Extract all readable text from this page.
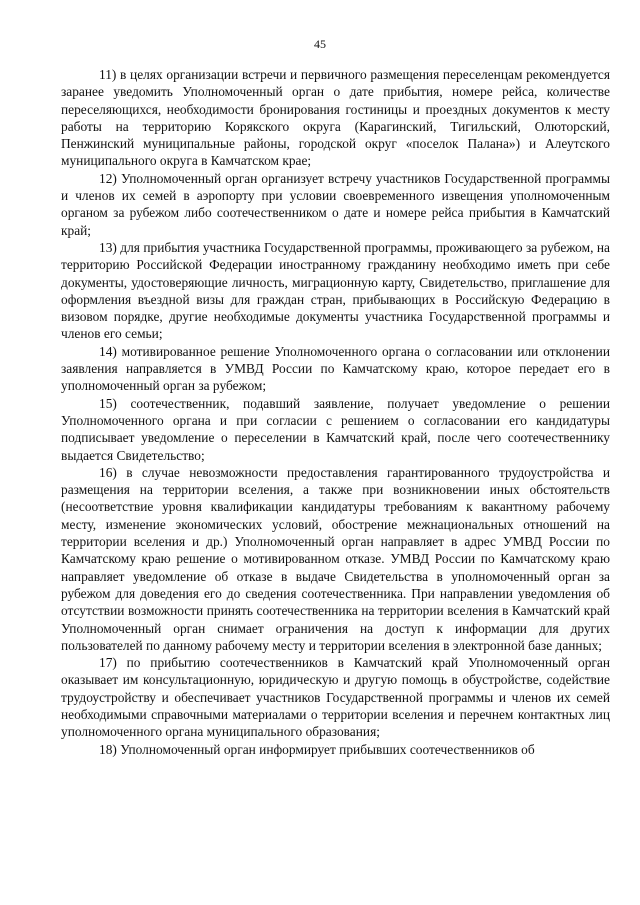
45

11) в целях организации встречи и первичного размещения переселенцам рекомендуется заранее уведомить Уполномоченный орган о дате прибытия, номере рейса, количестве переселяющихся, необходимости бронирования гостиницы и проездных документов к месту работы на территорию Корякского округа (Карагинский, Тигильский, Олюторский, Пенжинский муниципальные районы, городской округ «поселок Палана») и Алеутского муниципального округа в Камчатском крае;

12) Уполномоченный орган организует встречу участников Государственной программы и членов их семей в аэропорту при условии своевременного извещения уполномоченным органом за рубежом либо соотечественником о дате и номере рейса прибытия в Камчатский край;

13) для прибытия участника Государственной программы, проживающего за рубежом, на территорию Российской Федерации иностранному гражданину необходимо иметь при себе документы, удостоверяющие личность, миграционную карту, Свидетельство, приглашение для оформления въездной визы для граждан стран, прибывающих в Российскую Федерацию в визовом порядке, другие необходимые документы участника Государственной программы и членов его семьи;

14) мотивированное решение Уполномоченного органа о согласовании или отклонении заявления направляется в УМВД России по Камчатскому краю, которое передает его в уполномоченный орган за рубежом;

15) соотечественник, подавший заявление, получает уведомление о решении Уполномоченного органа и при согласии с решением о согласовании его кандидатуры подписывает уведомление о переселении в Камчатский край, после чего соотечественнику выдается Свидетельство;

16) в случае невозможности предоставления гарантированного трудоустройства и размещения на территории вселения, а также при возникновении иных обстоятельств (несоответствие уровня квалификации кандидатуры требованиям к вакантному рабочему месту, изменение экономических условий, обострение межнациональных отношений на территории вселения и др.) Уполномоченный орган направляет в адрес УМВД России по Камчатскому краю решение о мотивированном отказе. УМВД России по Камчатскому краю направляет уведомление об отказе в выдаче Свидетельства в уполномоченный орган за рубежом для доведения его до сведения соотечественника. При направлении уведомления об отсутствии возможности принять соотечественника на территории вселения в Камчатский край Уполномоченный орган снимает ограничения на доступ к информации для других пользователей по данному рабочему месту и территории вселения в электронной базе данных;

17) по прибытию соотечественников в Камчатский край Уполномоченный орган оказывает им консультационную, юридическую и другую помощь в обустройстве, содействие трудоустройству и обеспечивает участников Государственной программы и членов их семей необходимыми справочными материалами о территории вселения и перечнем контактных лиц уполномоченного органа муниципального образования;

18) Уполномоченный орган информирует прибывших соотечественников об
